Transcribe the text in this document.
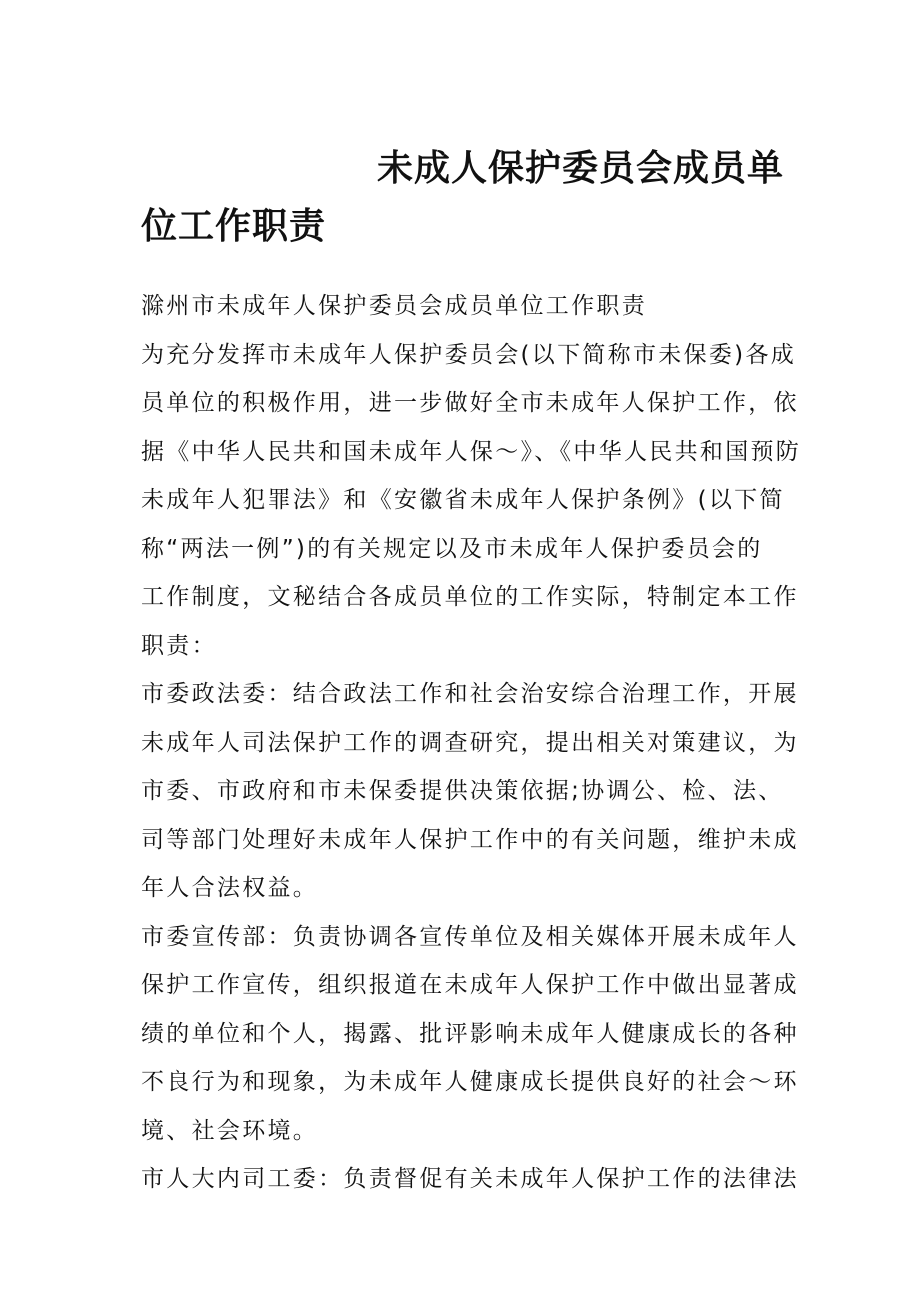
未成人保护委员会成员单
位工作职责
滁州市未成年人保护委员会成员单位工作职责
为充分发挥市未成年人保护委员会(以下简称市未保委)各成
员单位的积极作用，进一步做好全市未成年人保护工作，依
据《中华人民共和国未成年人保～》、《中华人民共和国预防
未成年人犯罪法》和《安徽省未成年人保护条例》(以下简
称“两法一例”)的有关规定以及市未成年人保护委员会的
工作制度，文秘结合各成员单位的工作实际，特制定本工作
职责：
市委政法委：结合政法工作和社会治安综合治理工作，开展
未成年人司法保护工作的调查研究，提出相关对策建议，为
市委、市政府和市未保委提供决策依据;协调公、检、法、
司等部门处理好未成年人保护工作中的有关问题，维护未成
年人合法权益。
市委宣传部：负责协调各宣传单位及相关媒体开展未成年人
保护工作宣传，组织报道在未成年人保护工作中做出显著成
绩的单位和个人，揭露、批评影响未成年人健康成长的各种
不良行为和现象，为未成年人健康成长提供良好的社会～环
境、社会环境。
市人大内司工委：负责督促有关未成年人保护工作的法律法
